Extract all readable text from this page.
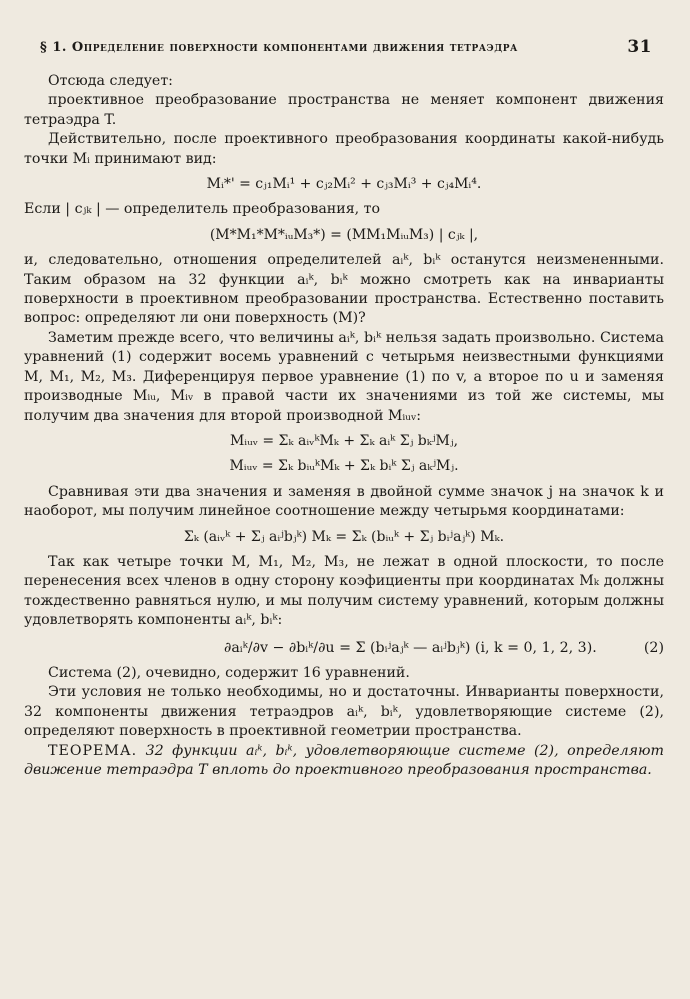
§ 1. Определение поверхности компонентами движения тетраэдра	31

Отсюда следует:

проективное преобразование пространства не меняет компонент движения тетраэдра T.

Действительно, после проективного преобразования координаты какой-нибудь точки Mᵢ принимают вид:

Mᵢ*' = cⱼ₁Mᵢ¹ + cⱼ₂Mᵢ² + cⱼ₃Mᵢ³ + cⱼ₄Mᵢ⁴.

Если | cⱼₖ | — определитель преобразования, то

(M*M₁*M*ᵢᵤM₃*) = (MM₁MᵢᵤM₃) | cⱼₖ |,

и, следовательно, отношения определителей aᵢᵏ, bᵢᵏ останутся неизмененными. Таким образом на 32 функции aᵢᵏ, bᵢᵏ можно смотреть как на инварианты поверхности в проективном преобразовании пространства. Естественно поставить вопрос: определяют ли они поверхность (M)?

Заметим прежде всего, что величины aᵢᵏ, bᵢᵏ нельзя задать произвольно. Система уравнений (1) содержит восемь уравнений с четырьмя неизвестными функциями M, M₁, M₂, M₃. Диференцируя первое уравнение (1) по v, а второе по u и заменяя производные Mᵢᵤ, Mᵢᵥ в правой части их значениями из той же системы, мы получим два значения для второй производной Mᵢᵤᵥ:

Mᵢᵤᵥ = Σₖ aᵢᵥᵏMₖ + Σₖ aᵢᵏ Σⱼ bₖʲMⱼ,
Mᵢᵤᵥ = Σₖ bᵢᵤᵏMₖ + Σₖ bᵢᵏ Σⱼ aₖʲMⱼ.

Сравнивая эти два значения и заменяя в двойной сумме значок j на значок k и наоборот, мы получим линейное соотношение между четырьмя координатами:

Σₖ (aᵢᵥᵏ + Σⱼ aᵢʲbⱼᵏ) Mₖ = Σₖ (bᵢᵤᵏ + Σⱼ bᵢʲaⱼᵏ) Mₖ.

Так как четыре точки M, M₁, M₂, M₃, не лежат в одной плоскости, то после перенесения всех членов в одну сторону коэфициенты при координатах Mₖ должны тождественно равняться нулю, и мы получим систему уравнений, которым должны удовлетворять компоненты aᵢᵏ, bᵢᵏ:

∂aᵢᵏ/∂v − ∂bᵢᵏ/∂u = Σ (bᵢʲaⱼᵏ — aᵢʲbⱼᵏ) (i, k = 0, 1, 2, 3).	(2)

Система (2), очевидно, содержит 16 уравнений.

Эти условия не только необходимы, но и достаточны. Инварианты поверхности, 32 компоненты движения тетраэдров aᵢᵏ, bᵢᵏ, удовлетворяющие системе (2), определяют поверхность в проективной геометрии пространства.

ТЕОРЕМА. 32 функции aᵢᵏ, bᵢᵏ, удовлетворяющие системе (2), определяют движение тетраэдра T вплоть до проективного преобразования пространства.
